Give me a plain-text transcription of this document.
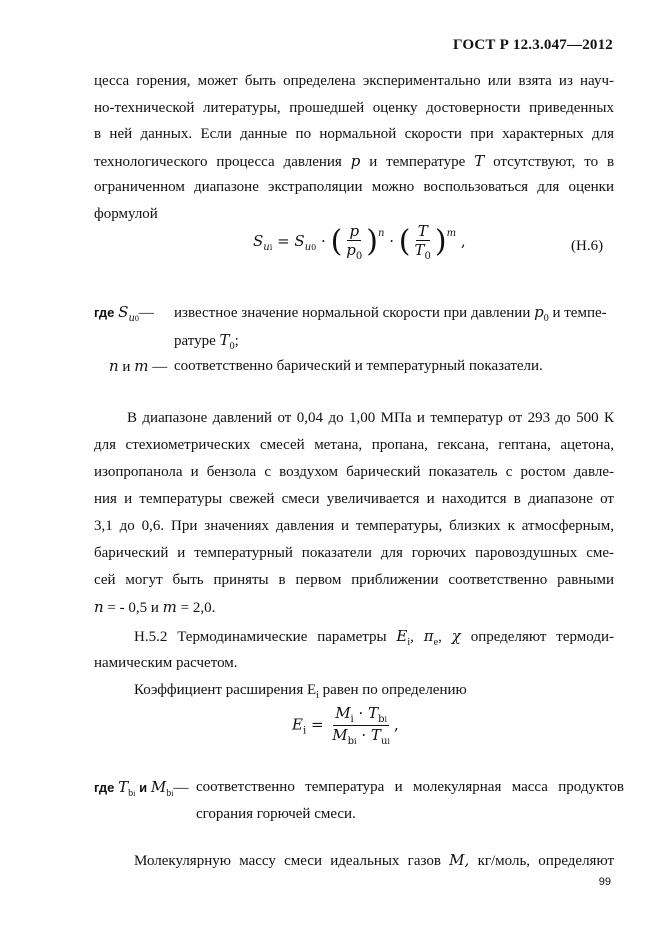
ГОСТ Р 12.3.047—2012
цесса горения, может быть определена экспериментально или взята из науч-
но-технической литературы, прошедшей оценку достоверности приведенных
в ней данных. Если данные по нормальной скорости при характерных для
технологического процесса давления p и температуре T отсутствуют, то в
ограниченном диапазоне экстраполяции можно воспользоваться для оценки
формулой
$S_{ui} = S_{u0}$ · ( $\frac{p}{p_0} )^n$ · ( $\frac{T}{T_0} )^m$ ,	(Н.6)
где $S_{u0}—$ известное значение нормальной скорости при давлении $p_0$ и темпе-
ратуре $T_0$;
n и m — соответственно барический и температурный показатели.
В диапазоне давлений от 0,04 до 1,00 МПа и температур от 293 до 500 К
для стехиометрических смесей метана, пропана, гексана, гептана, ацетона,
изопропанола и бензола с воздухом барический показатель с ростом давле-
ния и температуры свежей смеси увеличивается и находится в диапазоне от
3,1 до 0,6. При значениях давления и температуры, близких к атмосферным,
барический и температурный показатели для горючих паровоздушных сме-
сей могут быть приняты в первом приближении соответственно равными
n = - 0,5 и m = 2,0.
Н.5.2 Термодинамические параметры $E_i$, $\pi_e$, χ определяют термоди-
намическим расчетом.
Коэффициент расширения $E_i$ равен по определению
$E_i = \frac{M_i \cdot T_{bi}}{M_{bi} \cdot T_{ui}}$ ,
где $T_{bi}$ и $M_{bi}—$ соответственно температура и молекулярная масса продуктов
сгорания горючей смеси.
Молекулярную массу смеси идеальных газов M, кг/моль, определяют
99
